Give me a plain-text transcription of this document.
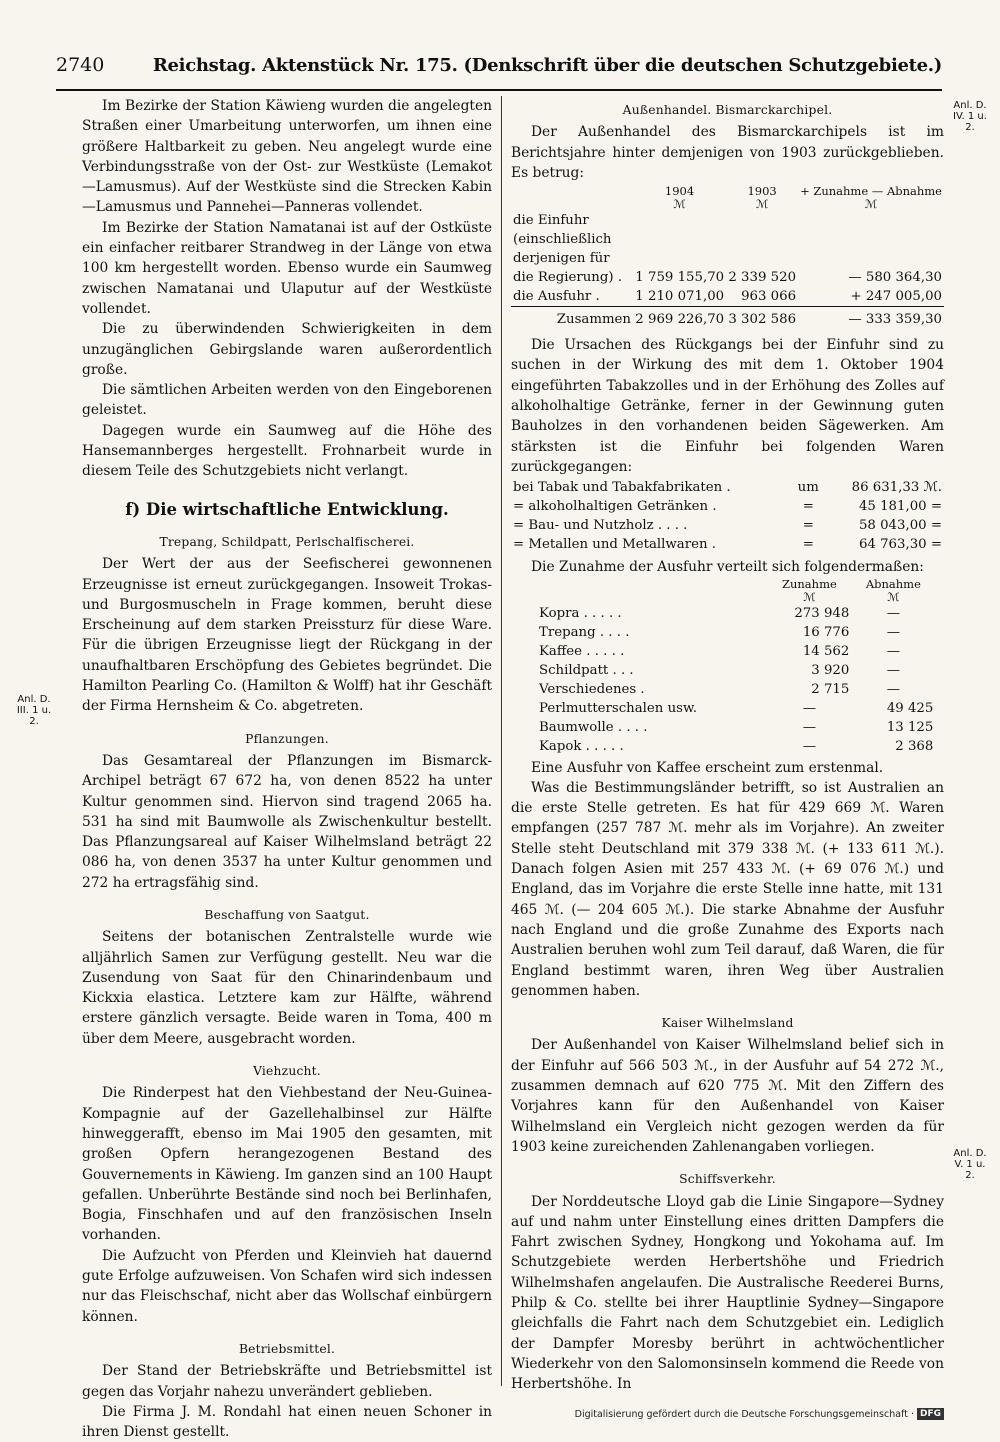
2740	Reichstag. Aktenstück Nr. 175. (Denkschrift über die deutschen Schutzgebiete.)
Anl. D. III. 1 u. 2.
Anl. D. IV. 1 u. 2.
Anl. D. V. 1 u. 2.

Im Bezirke der Station Käwieng wurden die angelegten Straßen einer Umarbeitung unterworfen, um ihnen eine größere Haltbarkeit zu geben. Neu angelegt wurde eine Verbindungsstraße von der Ost- zur Westküste (Lemakot—Lamusmus). Auf der Westküste sind die Strecken Kabin—Lamusmus und Pannehei—Panneras vollendet.

Im Bezirke der Station Namatanai ist auf der Ostküste ein einfacher reitbarer Strandweg in der Länge von etwa 100 km hergestellt worden. Ebenso wurde ein Saumweg zwischen Namatanai und Ulaputur auf der Westküste vollendet.

Die zu überwindenden Schwierigkeiten in dem unzugänglichen Gebirgslande waren außerordentlich große.

Die sämtlichen Arbeiten werden von den Eingeborenen geleistet.

Dagegen wurde ein Saumweg auf die Höhe des Hansemannberges hergestellt. Frohnarbeit wurde in diesem Teile des Schutzgebiets nicht verlangt.

f) Die wirtschaftliche Entwicklung.
Trepang, Schildpatt, Perlschalfischerei.

Der Wert der aus der Seefischerei gewonnenen Erzeugnisse ist erneut zurückgegangen. Insoweit Trokas- und Burgosmuscheln in Frage kommen, beruht diese Erscheinung auf dem starken Preissturz für diese Ware. Für die übrigen Erzeugnisse liegt der Rückgang in der unaufhaltbaren Erschöpfung des Gebietes begründet. Die Hamilton Pearling Co. (Hamilton & Wolff) hat ihr Geschäft der Firma Hernsheim & Co. abgetreten.

Pflanzungen.

Das Gesamtareal der Pflanzungen im Bismarck-Archipel beträgt 67 672 ha, von denen 8522 ha unter Kultur genommen sind. Hiervon sind tragend 2065 ha. 531 ha sind mit Baumwolle als Zwischenkultur bestellt. Das Pflanzungsareal auf Kaiser Wilhelmsland beträgt 22 086 ha, von denen 3537 ha unter Kultur genommen und 272 ha ertragsfähig sind.

Beschaffung von Saatgut.

Seitens der botanischen Zentralstelle wurde wie alljährlich Samen zur Verfügung gestellt. Neu war die Zusendung von Saat für den Chinarindenbaum und Kickxia elastica. Letztere kam zur Hälfte, während erstere gänzlich versagte. Beide waren in Toma, 400 m über dem Meere, ausgebracht worden.

Viehzucht.

Die Rinderpest hat den Viehbestand der Neu-Guinea-Kompagnie auf der Gazellehalbinsel zur Hälfte hinweggerafft, ebenso im Mai 1905 den gesamten, mit großen Opfern herangezogenen Bestand des Gouvernements in Käwieng. Im ganzen sind an 100 Haupt gefallen. Unberührte Bestände sind noch bei Berlinhafen, Bogia, Finschhafen und auf den französischen Inseln vorhanden.

Die Aufzucht von Pferden und Kleinvieh hat dauernd gute Erfolge aufzuweisen. Von Schafen wird sich indessen nur das Fleischschaf, nicht aber das Wollschaf einbürgern können.

Betriebsmittel.

Der Stand der Betriebskräfte und Betriebsmittel ist gegen das Vorjahr nahezu unverändert geblieben.

Die Firma J. M. Rondahl hat einen neuen Schoner in ihren Dienst gestellt.

Außenhandel. Bismarckarchipel.

Der Außenhandel des Bismarckarchipels ist im Berichtsjahre hinter demjenigen von 1903 zurückgeblieben. Es betrug:

	1904	1903	+ Zunahme — Abnahme
	ℳ	ℳ	ℳ
die Einfuhr (einschließlich derjenigen für die Regierung) .	1 759 155,70	2 339 520	— 580 364,30
die Ausfuhr .	1 210 071,00	963 066	+ 247 005,00
Zusammen	2 969 226,70	3 302 586	— 333 359,30

Die Ursachen des Rückgangs bei der Einfuhr sind zu suchen in der Wirkung des mit dem 1. Oktober 1904 eingeführten Tabakzolles und in der Erhöhung des Zolles auf alkoholhaltige Getränke, ferner in der Gewinnung guten Bauholzes in den vorhandenen beiden Sägewerken. Am stärksten ist die Einfuhr bei folgenden Waren zurückgegangen:

bei Tabak und Tabakfabrikaten .	um	86 631,33 ℳ.
= alkoholhaltigen Getränken .	=	45 181,00 =
= Bau- und Nutzholz . . . .	=	58 043,00 =
= Metallen und Metallwaren .	=	64 763,30 =

Die Zunahme der Ausfuhr verteilt sich folgendermaßen:

	Zunahme	Abnahme
	ℳ	ℳ
Kopra . . . . .	273 948	—
Trepang . . . .	16 776	—
Kaffee . . . . .	14 562	—
Schildpatt . . .	3 920	—
Verschiedenes .	2 715	—
Perlmutterschalen usw.	—	49 425
Baumwolle . . . .	—	13 125
Kapok . . . . .	—	2 368

Eine Ausfuhr von Kaffee erscheint zum erstenmal.

Was die Bestimmungsländer betrifft, so ist Australien an die erste Stelle getreten. Es hat für 429 669 ℳ. Waren empfangen (257 787 ℳ. mehr als im Vorjahre). An zweiter Stelle steht Deutschland mit 379 338 ℳ. (+ 133 611 ℳ.). Danach folgen Asien mit 257 433 ℳ. (+ 69 076 ℳ.) und England, das im Vorjahre die erste Stelle inne hatte, mit 131 465 ℳ. (— 204 605 ℳ.). Die starke Abnahme der Ausfuhr nach England und die große Zunahme des Exports nach Australien beruhen wohl zum Teil darauf, daß Waren, die für England bestimmt waren, ihren Weg über Australien genommen haben.

Kaiser Wilhelmsland

Der Außenhandel von Kaiser Wilhelmsland belief sich in der Einfuhr auf 566 503 ℳ., in der Ausfuhr auf 54 272 ℳ., zusammen demnach auf 620 775 ℳ. Mit den Ziffern des Vorjahres kann für den Außenhandel von Kaiser Wilhelmsland ein Vergleich nicht gezogen werden da für 1903 keine zureichenden Zahlenangaben vorliegen.

Schiffsverkehr.

Der Norddeutsche Lloyd gab die Linie Singapore—Sydney auf und nahm unter Einstellung eines dritten Dampfers die Fahrt zwischen Sydney, Hongkong und Yokohama auf. Im Schutzgebiete werden Herbertshöhe und Friedrich Wilhelmshafen angelaufen. Die Australische Reederei Burns, Philp & Co. stellte bei ihrer Hauptlinie Sydney—Singapore gleichfalls die Fahrt nach dem Schutzgebiet ein. Lediglich der Dampfer Moresby berührt in achtwöchentlicher Wiederkehr von den Salomonsinseln kommend die Reede von Herbertshöhe. In

Digitalisierung gefördert durch die Deutsche Forschungsgemeinschaft · DFG
